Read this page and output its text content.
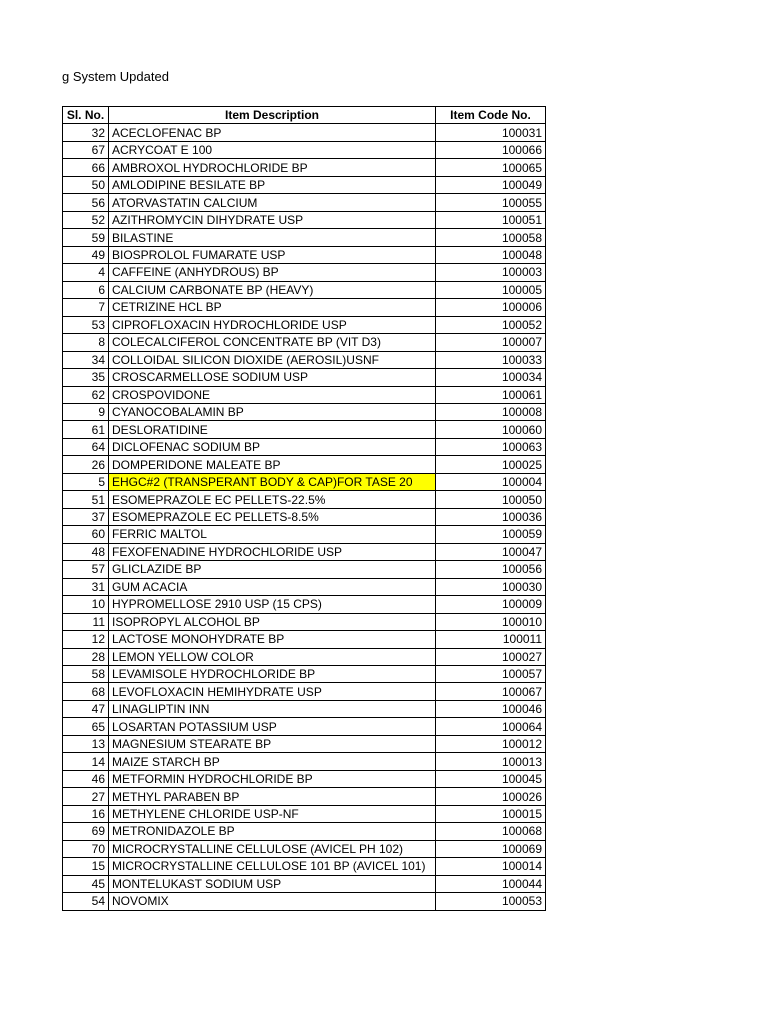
g System Updated
Sl. No.	Item Description	Item Code No.
32	ACECLOFENAC BP	100031
67	ACRYCOAT E 100	100066
66	AMBROXOL HYDROCHLORIDE BP	100065
50	AMLODIPINE BESILATE BP	100049
56	ATORVASTATIN CALCIUM	100055
52	AZITHROMYCIN DIHYDRATE USP	100051
59	BILASTINE	100058
49	BIOSPROLOL FUMARATE USP	100048
4	CAFFEINE (ANHYDROUS) BP	100003
6	CALCIUM CARBONATE BP (HEAVY)	100005
7	CETRIZINE HCL BP	100006
53	CIPROFLOXACIN HYDROCHLORIDE USP	100052
8	COLECALCIFEROL CONCENTRATE BP (VIT D3)	100007
34	COLLOIDAL SILICON DIOXIDE (AEROSIL)USNF	100033
35	CROSCARMELLOSE SODIUM USP	100034
62	CROSPOVIDONE	100061
9	CYANOCOBALAMIN BP	100008
61	DESLORATIDINE	100060
64	DICLOFENAC SODIUM BP	100063
26	DOMPERIDONE MALEATE BP	100025
5	EHGC#2 (TRANSPERANT BODY & CAP)FOR TASE 20	100004
51	ESOMEPRAZOLE EC PELLETS-22.5%	100050
37	ESOMEPRAZOLE EC PELLETS-8.5%	100036
60	FERRIC MALTOL	100059
48	FEXOFENADINE HYDROCHLORIDE USP	100047
57	GLICLAZIDE BP	100056
31	GUM ACACIA	100030
10	HYPROMELLOSE 2910 USP (15 CPS)	100009
11	ISOPROPYL ALCOHOL BP	100010
12	LACTOSE MONOHYDRATE BP	100011
28	LEMON YELLOW COLOR	100027
58	LEVAMISOLE HYDROCHLORIDE BP	100057
68	LEVOFLOXACIN HEMIHYDRATE USP	100067
47	LINAGLIPTIN INN	100046
65	LOSARTAN POTASSIUM USP	100064
13	MAGNESIUM STEARATE BP	100012
14	MAIZE STARCH BP	100013
46	METFORMIN HYDROCHLORIDE BP	100045
27	METHYL PARABEN BP	100026
16	METHYLENE CHLORIDE USP-NF	100015
69	METRONIDAZOLE BP	100068
70	MICROCRYSTALLINE CELLULOSE (AVICEL PH 102)	100069
15	MICROCRYSTALLINE CELLULOSE 101 BP (AVICEL 101)	100014
45	MONTELUKAST SODIUM USP	100044
54	NOVOMIX	100053
